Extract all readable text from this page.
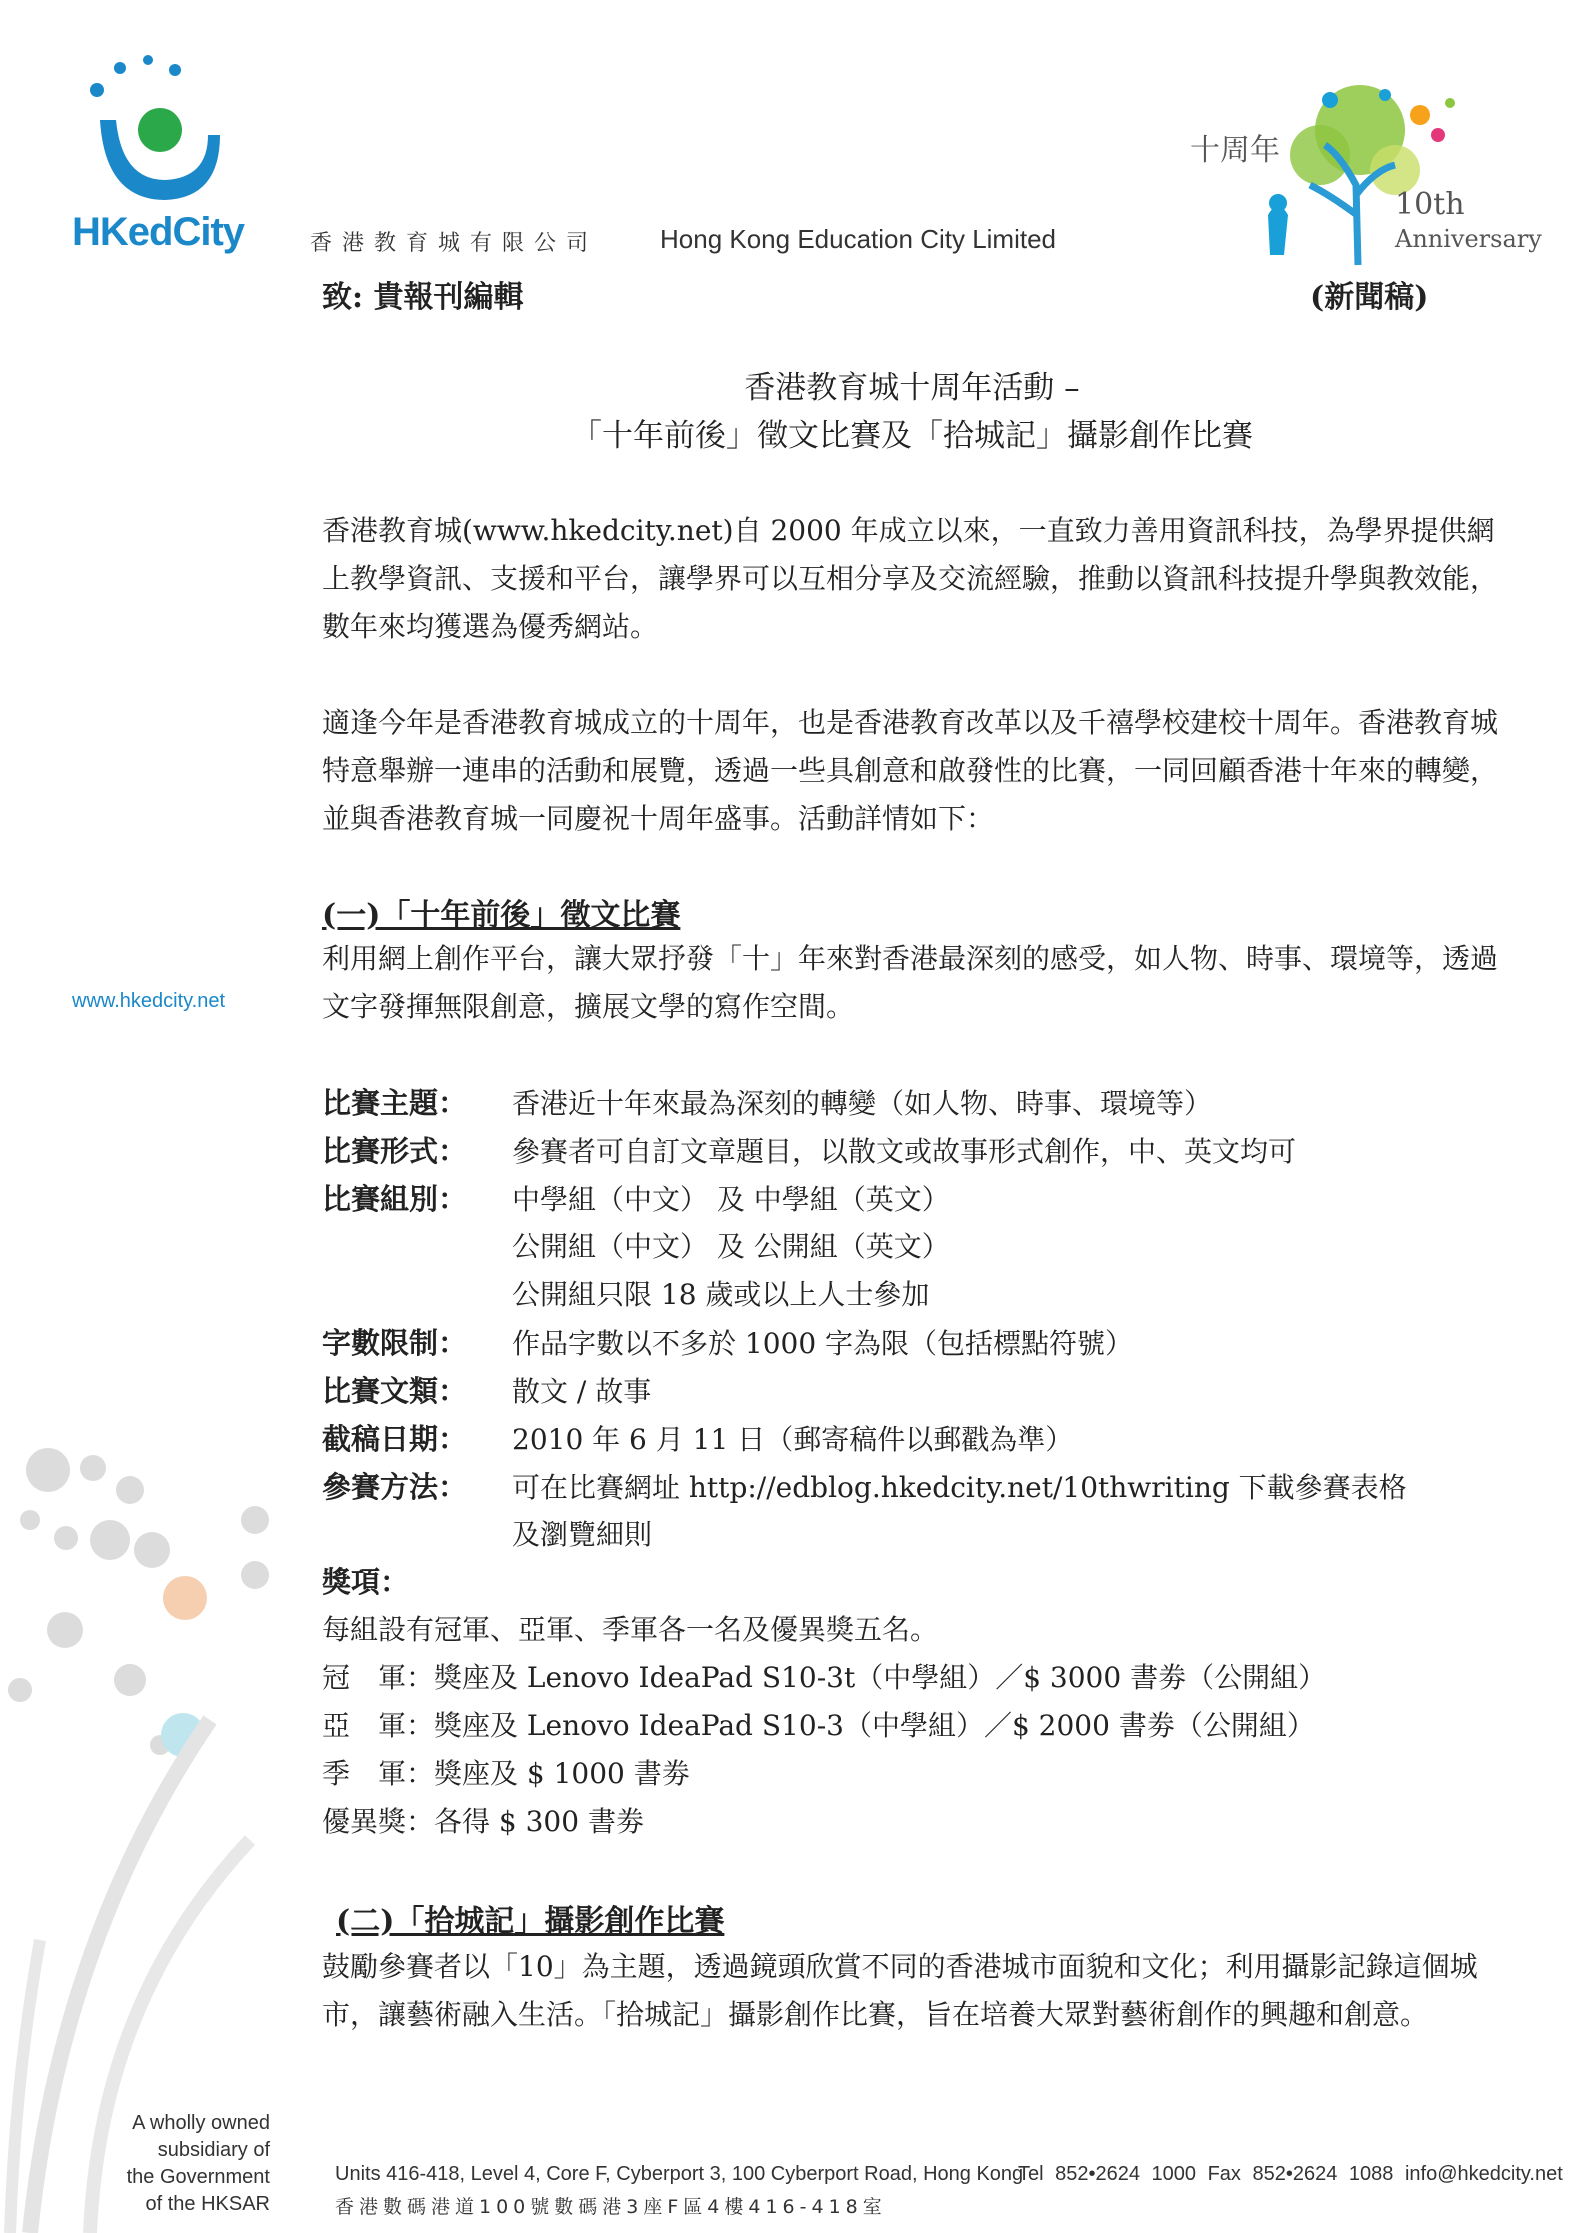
HKedCity	香港教育城有限公司 Hong Kong Education City Limited
十周年
10th
Anniversary
致: 貴報刊編輯	(新聞稿)
www.hkedcity.net
香港教育城十周年活動 –
「十年前後」徵文比賽及「拾城記」攝影創作比賽

香港教育城(www.hkedcity.net)自 2000 年成立以來，一直致力善用資訊科技，為學界提供網上教學資訊、支援和平台，讓學界可以互相分享及交流經驗，推動以資訊科技提升學與教效能，數年來均獲選為優秀網站。

適逢今年是香港教育城成立的十周年，也是香港教育改革以及千禧學校建校十周年。香港教育城特意舉辦一連串的活動和展覽，透過一些具創意和啟發性的比賽，一同回顧香港十年來的轉變，並與香港教育城一同慶祝十周年盛事。活動詳情如下：

(一)「十年前後」徵文比賽

利用網上創作平台，讓大眾抒發「十」年來對香港最深刻的感受，如人物、時事、環境等，透過文字發揮無限創意，擴展文學的寫作空間。

比賽主題： 香港近十年來最為深刻的轉變（如人物、時事、環境等）
比賽形式： 參賽者可自訂文章題目，以散文或故事形式創作，中、英文均可
比賽組別： 中學組（中文） 及 中學組（英文）
公開組（中文） 及 公開組（英文）
公開組只限 18 歲或以上人士參加
字數限制： 作品字數以不多於 1000 字為限（包括標點符號）
比賽文類： 散文 / 故事
截稿日期： 2010 年 6 月 11 日（郵寄稿件以郵戳為準）
參賽方法： 可在比賽網址 http://edblog.hkedcity.net/10thwriting 下載參賽表格
及瀏覽細則
獎項：
每組設有冠軍、亞軍、季軍各一名及優異獎五名。
冠　軍：獎座及 Lenovo IdeaPad S10-3t（中學組）／$ 3000 書劵（公開組）
亞　軍：獎座及 Lenovo IdeaPad S10-3（中學組）／$ 2000 書劵（公開組）
季　軍：獎座及 $ 1000 書劵
優異獎：各得 $ 300 書劵
(二)「拾城記」攝影創作比賽

鼓勵參賽者以「10」為主題，透過鏡頭欣賞不同的香港城市面貌和文化；利用攝影記錄這個城市，讓藝術融入生活。「拾城記」攝影創作比賽，旨在培養大眾對藝術創作的興趣和創意。

A wholly owned
subsidiary of
the Government
of the HKSAR
Units 416-418, Level 4, Core F, Cyberport 3, 100 Cyberport Road, Hong Kong
香港數碼港道100號數碼港3座F區4樓416-418室
Tel 852•2624 1000 Fax 852•2624 1088 info@hkedcity.net
